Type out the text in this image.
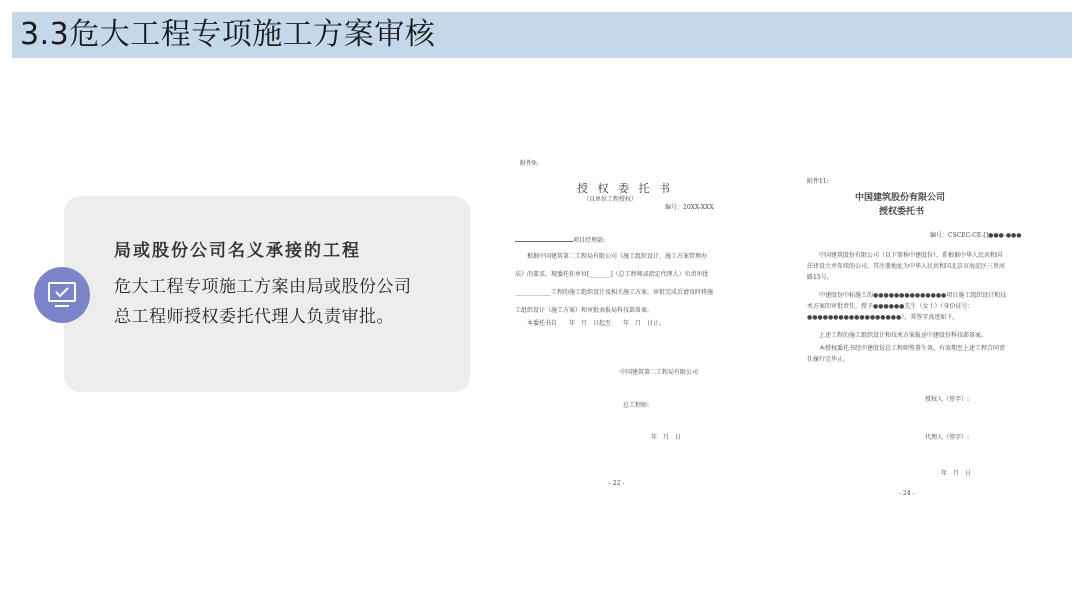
3.3危大工程专项施工方案审核
局或股份公司名义承接的工程
危大工程专项施工方案由局或股份公司总工程师授权委托代理人负责审批。
附件9:
授 权 委 托 书
（以单位工程授权）
编号：20XX-XXX
项目经理部:
根据中国建筑第二工程局有限公司《施工组织设计、施工方案管理办法》的要求，现委托你单位[_______]（总工程师或指定代理人）负责审批____________工程的施工组织设计及相关施工方案、审批完成后请及时将施工组织设计（施工方案）和审批表报局科技部备案。
本委托书自　　年　月　日起至　　年　月　日止。
中国建筑第二工程局有限公司
总工程师:
年　月　日
- 22 -
附件11:
中国建筑股份有限公司
授权委托书
编号：CSCEC-CE-[]●●●-●●●
中国建筑股份有限公司（以下简称中建股份），系根据中华人民共和国法律设立并存续的公司，其注册地址为中华人民共和国北京市海淀区三里河路15号。
中建股份中标施工的●●●●●●●●●●●●●●项目施工组织设计和技术方案的审批责任，授予●●●●●●先生（女士）（身份证号：●●●●●●●●●●●●●●●●●●），其签字真迹如下。
上述工程的施工组织设计和技术方案报送中建股份科技部备案。
本授权委托书经中建股份总工程师签署生效，有效期至上述工程合同责任履行完毕止。
授权人（签字）:
代理人（签字）:
年　月　日
- 24 -
